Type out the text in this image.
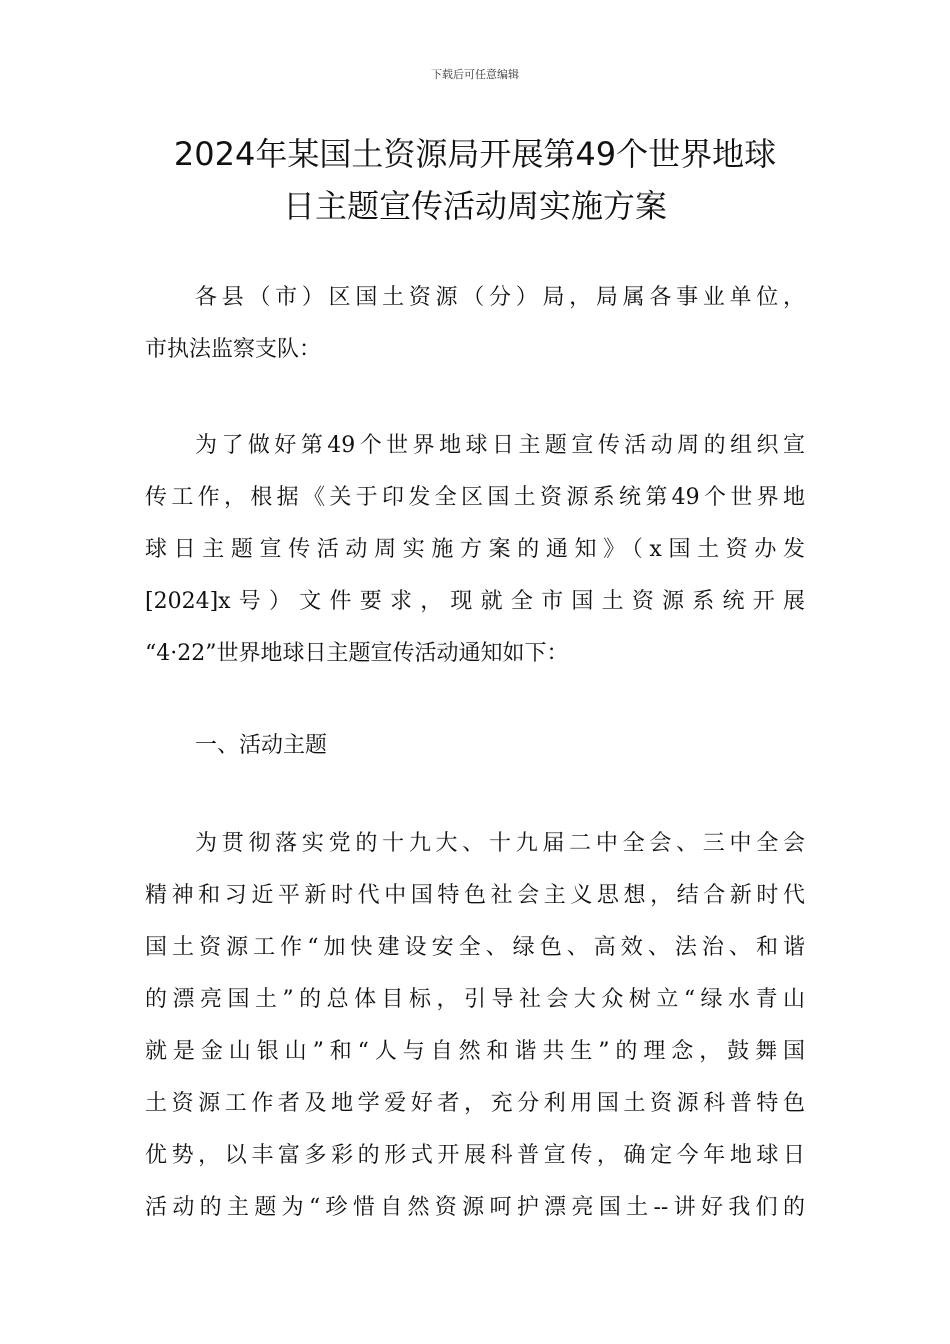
下载后可任意编辑
2024年某国土资源局开展第49个世界地球
日主题宣传活动周实施方案
各县（市）区国土资源（分）局，局属各事业单位，
市执法监察支队：
为了做好第49个世界地球日主题宣传活动周的组织宣
传工作，根据《关于印发全区国土资源系统第49个世界地
球日主题宣传活动周实施方案的通知》（x国土资办发
[2024]x号）文件要求，现就全市国土资源系统开展
“4·22”世界地球日主题宣传活动通知如下：
一、活动主题
为贯彻落实党的十九大、十九届二中全会、三中全会
精神和习近平新时代中国特色社会主义思想，结合新时代
国土资源工作“加快建设安全、绿色、高效、法治、和谐
的漂亮国土”的总体目标，引导社会大众树立“绿水青山
就是金山银山”和“人与自然和谐共生”的理念，鼓舞国
土资源工作者及地学爱好者，充分利用国土资源科普特色
优势，以丰富多彩的形式开展科普宣传，确定今年地球日
活动的主题为“珍惜自然资源呵护漂亮国土--讲好我们的
